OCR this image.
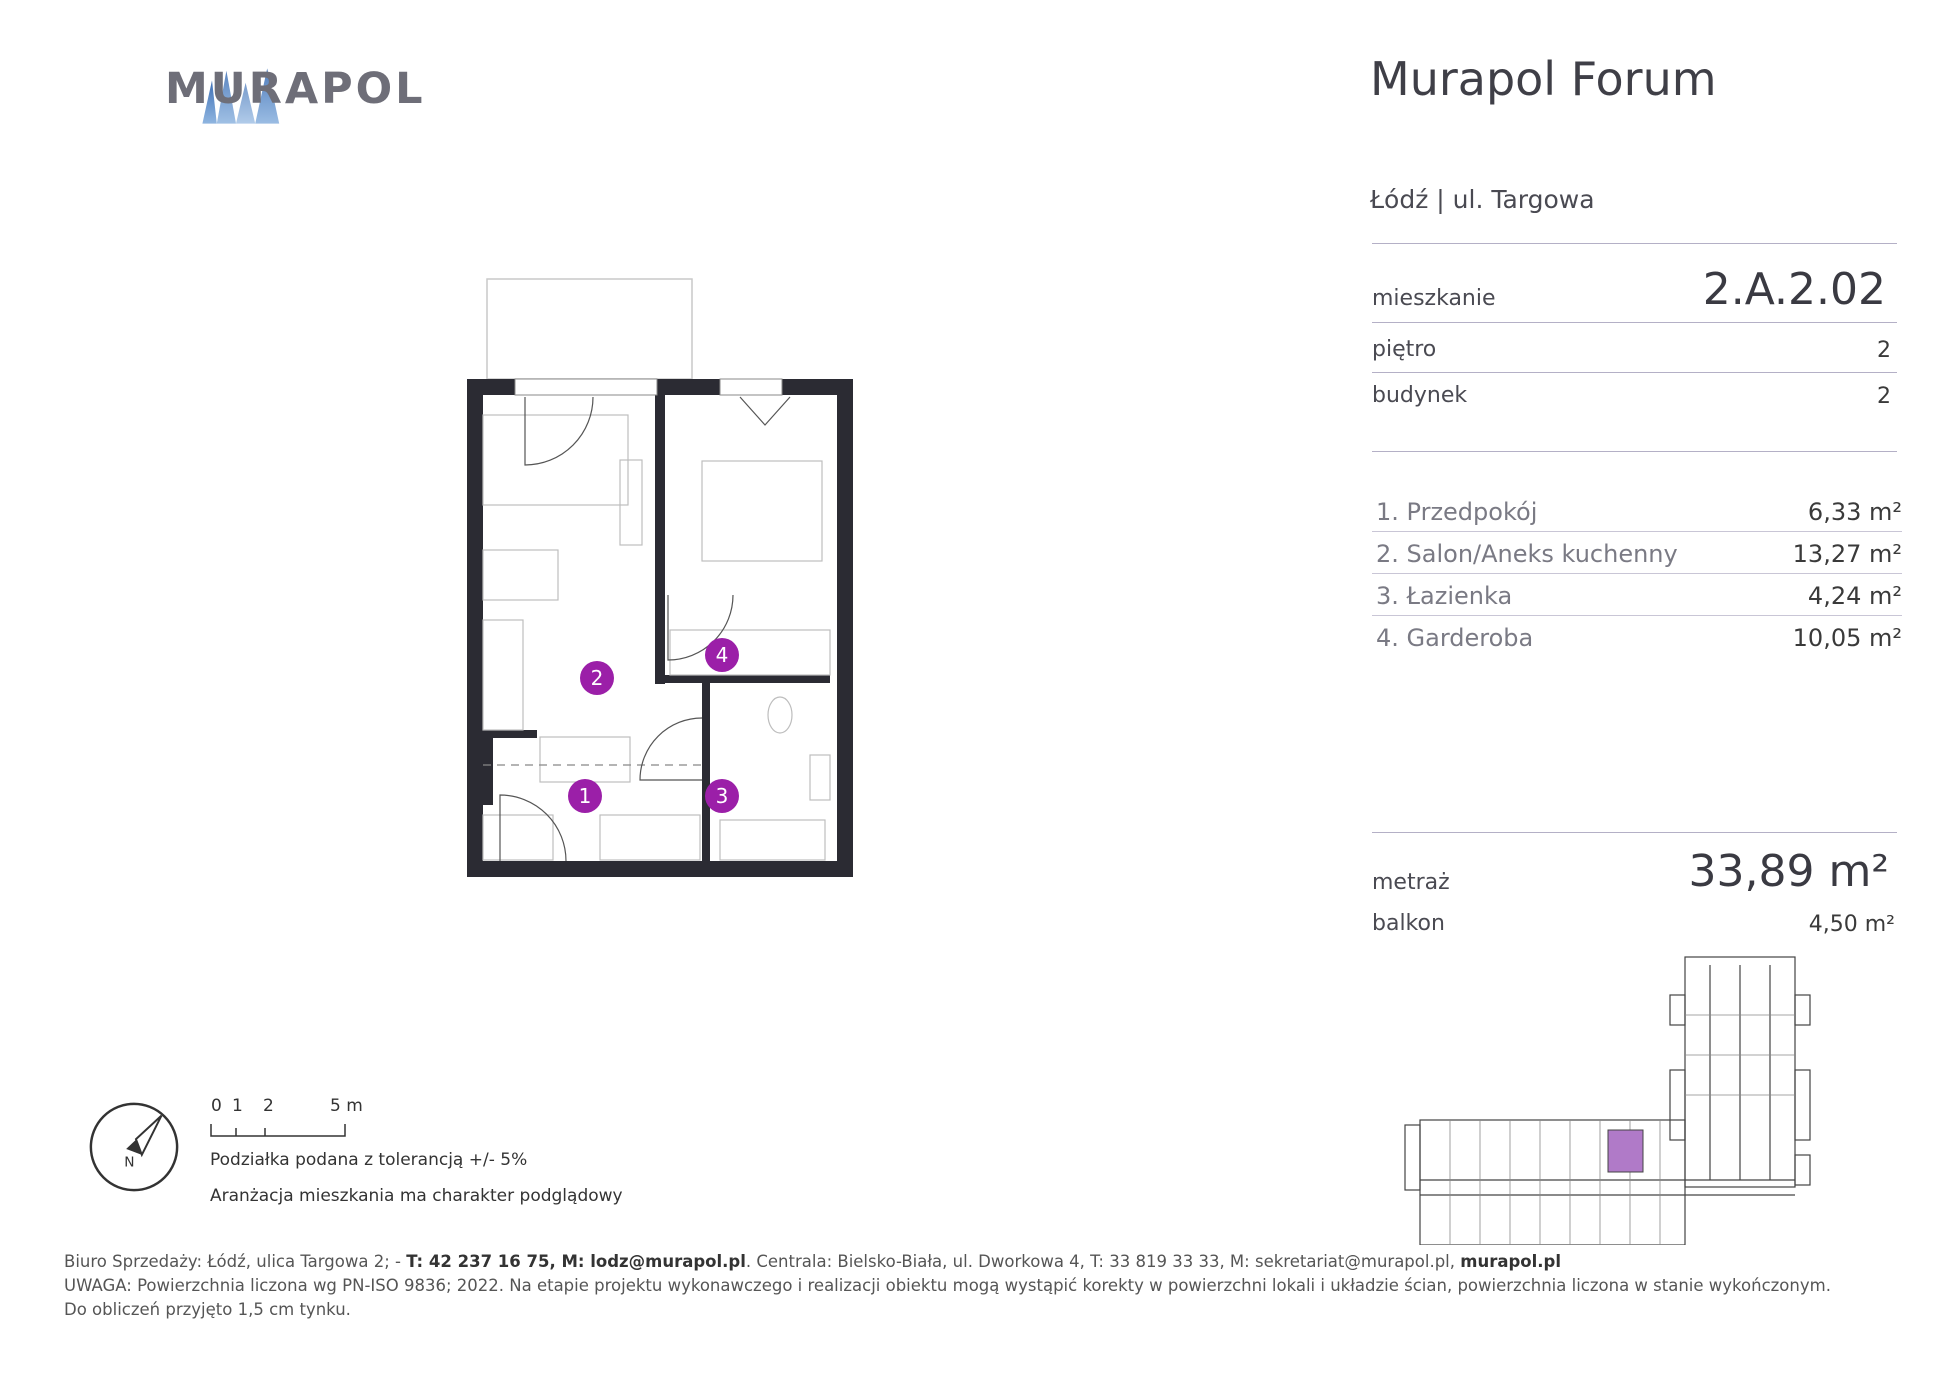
MURAPOL	Murapol Forum
Łódź | ul. Targowa
mieszkanie	2.A.2.02
piętro	2
budynek	2
1. Przedpokój	6,33 m²
2. Salon/Aneks kuchenny	13,27 m²
3. Łazienka	4,24 m²
4. Garderoba	10,05 m²
metraż	33,89 m²
balkon	4,50 m²
2
4
1	3
N
0 1 2	5 m
Podziałka podana z tolerancją +/- 5%
Aranżacja mieszkania ma charakter podglądowy
Biuro Sprzedaży: Łódź, ulica Targowa 2; - T: 42 237 16 75, M: lodz@murapol.pl. Centrala: Bielsko-Biała, ul. Dworkowa 4, T: 33 819 33 33, M: sekretariat@murapol.pl, murapol.pl
UWAGA: Powierzchnia liczona wg PN-ISO 9836; 2022. Na etapie projektu wykonawczego i realizacji obiektu mogą wystąpić korekty w powierzchni lokali i układzie ścian, powierzchnia liczona w stanie wykończonym.
Do obliczeń przyjęto 1,5 cm tynku.
